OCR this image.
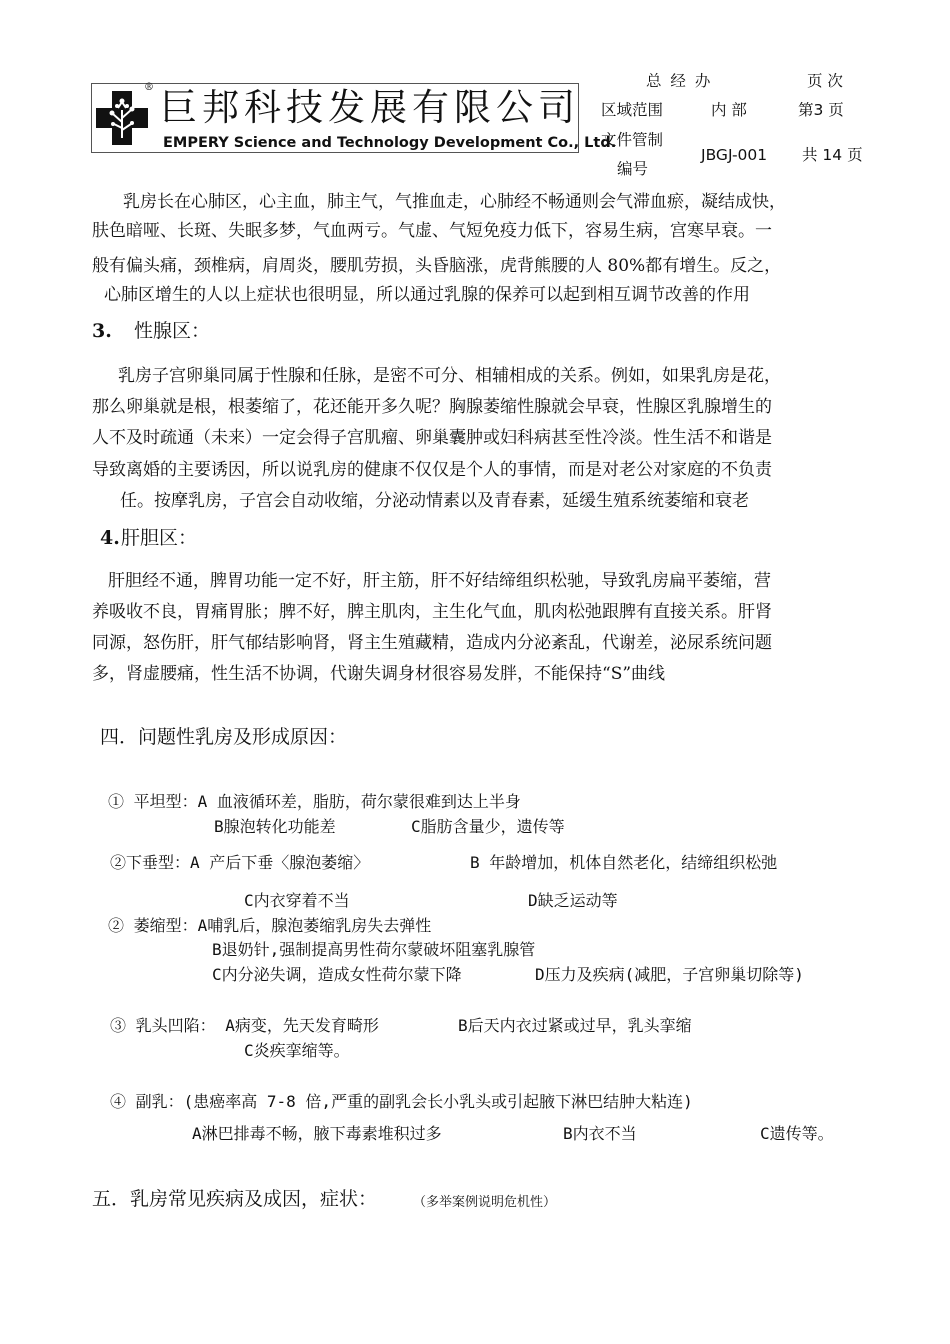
® 巨邦科技发展有限公司
EMPERY Science and Technology Development Co., Ltd.
总 经 办	页 次
区域范围	内 部	第3 页
文件管制
JBGJ-001 共 14 页
编号
乳房长在心肺区，心主血，肺主气，气推血走，心肺经不畅通则会气滞血瘀，凝结成快，
肤色暗哑、长斑、失眠多梦，气血两亏。气虚、气短免疫力低下，容易生病，宫寒早衰。一
般有偏头痛，颈椎病，肩周炎，腰肌劳损，头昏脑涨，虎背熊腰的人 80%都有增生。反之，
心肺区增生的人以上症状也很明显，所以通过乳腺的保养可以起到相互调节改善的作用
3. 性腺区：
乳房子宫卵巢同属于性腺和任脉，是密不可分、相辅相成的关系。例如，如果乳房是花，
那么卵巢就是根，根萎缩了，花还能开多久呢？胸腺萎缩性腺就会早衰，性腺区乳腺增生的
人不及时疏通（未来）一定会得子宫肌瘤、卵巢囊肿或妇科病甚至性冷淡。性生活不和谐是
导致离婚的主要诱因，所以说乳房的健康不仅仅是个人的事情，而是对老公对家庭的不负责
任。按摩乳房，子宫会自动收缩，分泌动情素以及青春素，延缓生殖系统萎缩和衰老
4. 肝胆区：
肝胆经不通，脾胃功能一定不好，肝主筋，肝不好结缔组织松驰，导致乳房扁平萎缩，营
养吸收不良，胃痛胃胀；脾不好，脾主肌肉，主生化气血，肌肉松弛跟脾有直接关系。肝肾
同源，怒伤肝，肝气郁结影响肾，肾主生殖藏精，造成内分泌紊乱，代谢差，泌尿系统问题
多，肾虚腰痛，性生活不协调，代谢失调身材很容易发胖，不能保持“S”曲线
四．问题性乳房及形成原因：
① 平坦型：A 血液循环差，脂肪，荷尔蒙很难到达上半身
B腺泡转化功能差	C脂肪含量少，遗传等
②下垂型：A 产后下垂〈腺泡萎缩〉	B 年龄增加，机体自然老化，结缔组织松弛
C内衣穿着不当	D缺乏运动等
② 萎缩型：A哺乳后，腺泡萎缩乳房失去弹性
B退奶针,强制提高男性荷尔蒙破坏阻塞乳腺管
C内分泌失调，造成女性荷尔蒙下降	D压力及疾病(减肥，子宫卵巢切除等)
③ 乳头凹陷： A病变，先天发育畸形	B后天内衣过紧或过早，乳头挛缩
C炎疾挛缩等。
④ 副乳：(患癌率高 7-8 倍,严重的副乳会长小乳头或引起腋下淋巴结肿大粘连)
A淋巴排毒不畅，腋下毒素堆积过多	B内衣不当	C遗传等。
五．乳房常见疾病及成因，症状：	（多举案例说明危机性）
